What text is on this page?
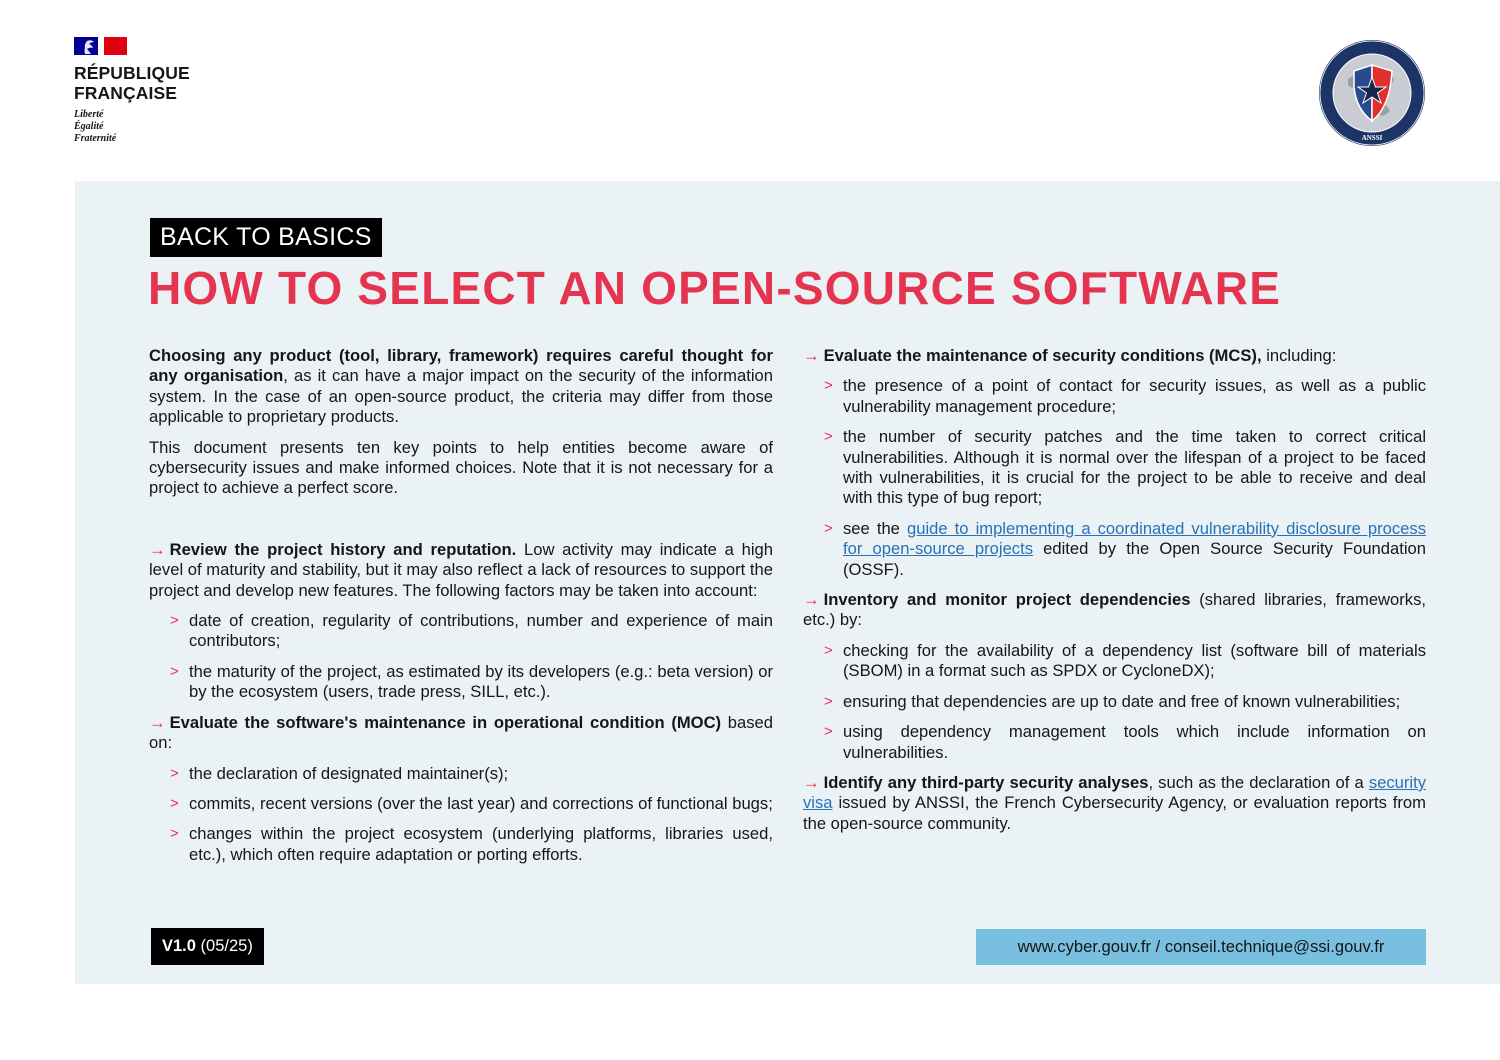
RÉPUBLIQUE
FRANÇAISE
Liberté
Égalité
Fraternité	ANSSI
BACK TO BASICS
HOW TO SELECT AN OPEN-SOURCE SOFTWARE

Choosing any product (tool, library, framework) requires careful thought for any organisation, as it can have a major impact on the security of the information system. In the case of an open-source product, the criteria may differ from those applicable to proprietary products.

This document presents ten key points to help entities become aware of cybersecurity issues and make informed choices. Note that it is not necessary for a project to achieve a perfect score.

→ Review the project history and reputation. Low activity may indicate a high level of maturity and stability, but it may also reflect a lack of resources to support the project and develop new features. The following factors may be taken into account:

> date of creation, regularity of contributions, number and experience of main contributors;
> the maturity of the project, as estimated by its developers (e.g.: beta version) or by the ecosystem (users, trade press, SILL, etc.).

→ Evaluate the software's maintenance in operational condition (MOC) based on:

> the declaration of designated maintainer(s);
> commits, recent versions (over the last year) and corrections of functional bugs;
> changes within the project ecosystem (underlying platforms, libraries used, etc.), which often require adaptation or porting efforts.

→ Evaluate the maintenance of security conditions (MCS), including:

> the presence of a point of contact for security issues, as well as a public vulnerability management procedure;
> the number of security patches and the time taken to correct critical vulnerabilities. Although it is normal over the lifespan of a project to be faced with vulnerabilities, it is crucial for the project to be able to receive and deal with this type of bug report;
> see the guide to implementing a coordinated vulnerability disclosure process for open-source projects edited by the Open Source Security Foundation (OSSF).

→ Inventory and monitor project dependencies (shared libraries, frameworks, etc.) by:

> checking for the availability of a dependency list (software bill of materials (SBOM) in a format such as SPDX or CycloneDX);
> ensuring that dependencies are up to date and free of known vulnerabilities;
> using dependency management tools which include information on vulnerabilities.

→ Identify any third-party security analyses, such as the declaration of a security visa issued by ANSSI, the French Cybersecurity Agency, or evaluation reports from the open-source community.

V1.0 (05/25)	www.cyber.gouv.fr / conseil.technique@ssi.gouv.fr
